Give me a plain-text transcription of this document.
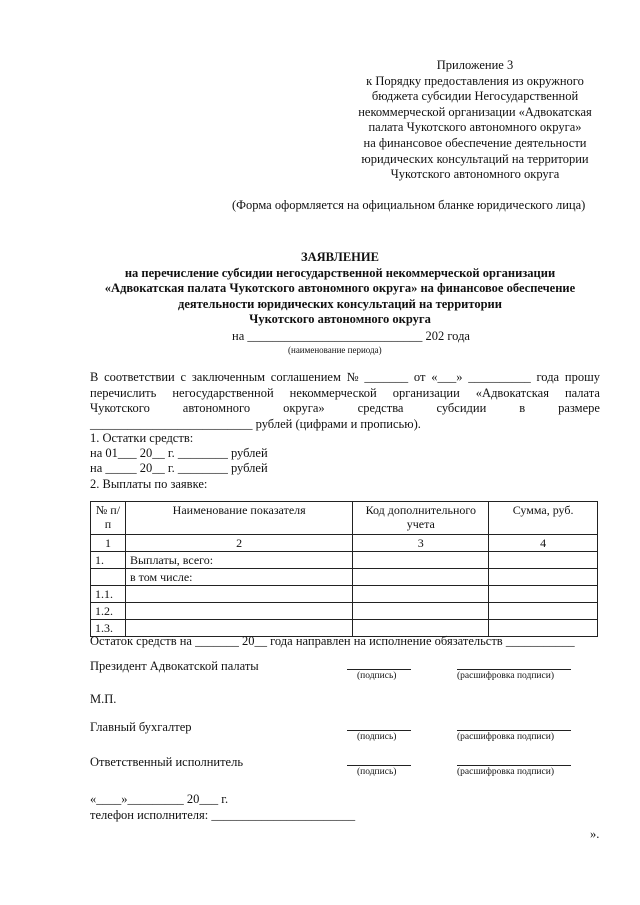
Приложение 3
к Порядку предоставления из окружного
бюджета субсидии Негосударственной
некоммерческой организации «Адвокатская
палата Чукотского автономного округа»
на финансовое обеспечение деятельности
юридических консультаций на территории
Чукотского автономного округа
(Форма оформляется на официальном бланке юридического лица)
ЗАЯВЛЕНИЕ
на перечисление субсидии негосударственной некоммерческой организации
«Адвокатская палата Чукотского автономного округа» на финансовое обеспечение
деятельности юридических консультаций на территории
Чукотского автономного округа
на ____________________________ 202 года
(наименование периода)
В соответствии с заключенным соглашением № _______ от «___» __________ года прошу
перечислить негосударственной некоммерческой организации «Адвокатская палата
Чукотского	автономного	округа»	средства	субсидии	в	размере
__________________________ рублей (цифрами и прописью).
1. Остатки средств:
на 01___ 20__ г. ________ рублей
на _____ 20__ г. ________ рублей
2. Выплаты по заявке:
№ п/п	Наименование показателя	Код дополнительного учета	Сумма, руб.
1	2	3	4
1.	Выплаты, всего:		
	в том числе:		
1.1.			
1.2.			
1.3.			
Остаток средств на _______ 20__ года направлен на исполнение обязательств ___________
Президент Адвокатской палаты
(подпись)	(расшифровка подписи)
М.П.
Главный бухгалтер
(подпись)	(расшифровка подписи)
Ответственный исполнитель
(подпись)	(расшифровка подписи)
«____»_________ 20___ г.
телефон исполнителя: _______________________
».
